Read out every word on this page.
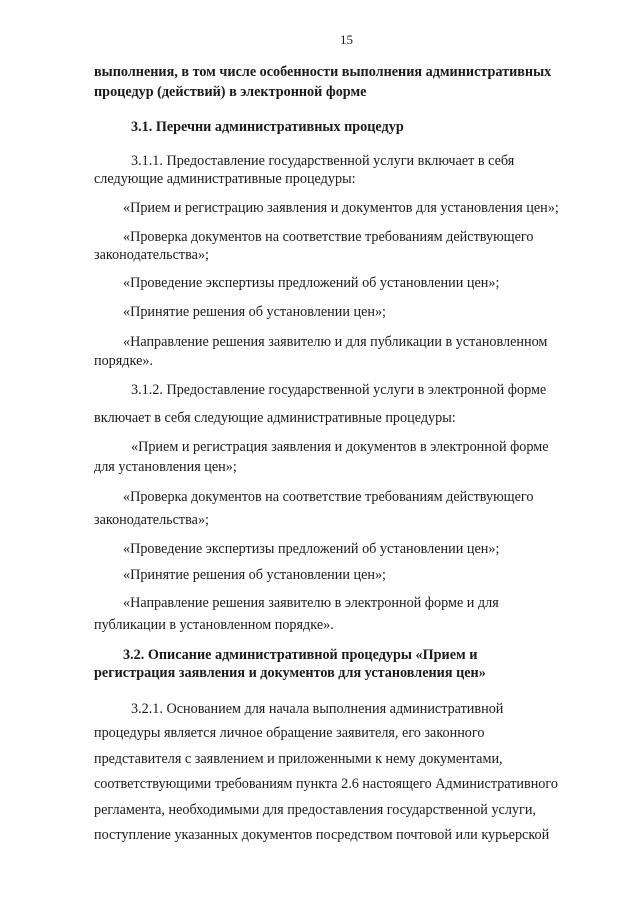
15
выполнения, в том числе особенности выполнения административных
процедур (действий) в электронной форме
3.1. Перечни административных процедур
3.1.1. Предоставление государственной услуги включает в себя
следующие административные процедуры:
«Прием и регистрацию заявления и документов для установления цен»;
«Проверка документов на соответствие требованиям действующего
законодательства»;
«Проведение экспертизы предложений об установлении цен»;
«Принятие решения об установлении цен»;
«Направление решения заявителю и для публикации в установленном
порядке».
3.1.2. Предоставление государственной услуги в электронной форме
включает в себя следующие административные процедуры:
«Прием и регистрация заявления и документов в электронной форме
для установления цен»;
«Проверка документов на соответствие требованиям действующего
законодательства»;
«Проведение экспертизы предложений об установлении цен»;
«Принятие решения об установлении цен»;
«Направление решения заявителю в электронной форме и для
публикации в установленном порядке».
3.2. Описание административной процедуры «Прием и
регистрация заявления и документов для установления цен»
3.2.1. Основанием для начала выполнения административной
процедуры является личное обращение заявителя, его законного
представителя с заявлением и приложенными к нему документами,
соответствующими требованиям пункта 2.6 настоящего Административного
регламента, необходимыми для предоставления государственной услуги,
поступление указанных документов посредством почтовой или курьерской
